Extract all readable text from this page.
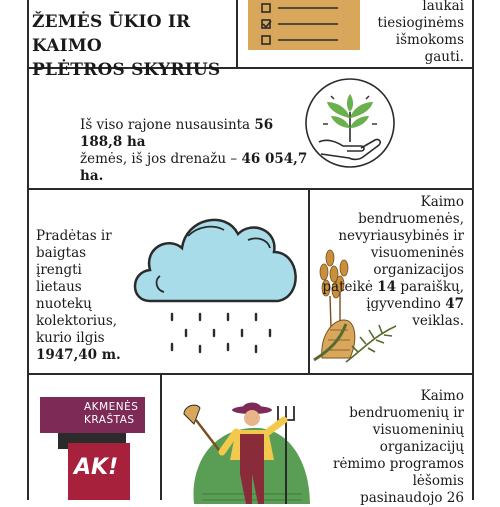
ŽEMĖS ŪKIO IR KAIMO
PLĖTROS SKYRIUS
laukai
tiesioginėms
išmokoms gauti.
Iš viso rajone nusausinta 56 188,8 ha
žemės, iš jos drenažu – 46 054,7 ha.
Pradėtas ir
baigtas įrengti
lietaus nuotekų
kolektorius,
kurio ilgis
1947,40 m.
Kaimo
bendruomenės,
nevyriausybinės ir
visuomeninės
organizacijos
pateikė 14 paraiškų,
įgyvendino 47
veiklas.
AKMENĖS
KRAŠTAS
AK!
Kaimo
bendruomenių ir
visuomeninių
organizacijų
rėmimo programos
lėšomis
pasinaudojo 26
